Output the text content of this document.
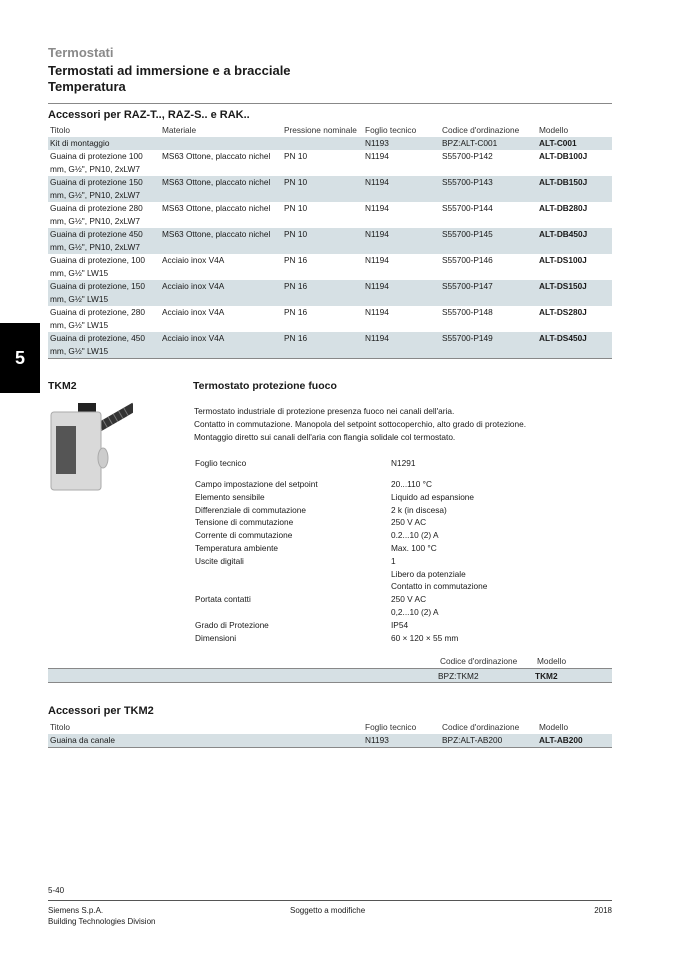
Termostati
Termostati ad immersione e a bracciale
Temperatura
Accessori per RAZ-T.., RAZ-S.. e RAK..
Titolo	Materiale	Pressione nominale	Foglio tecnico	Codice d'ordinazione	Modello
Kit di montaggio			N1193	BPZ:ALT-C001	ALT-C001
Guaina di protezione 100 mm, G½", PN10, 2xLW7	MS63 Ottone, placcato nichel	PN 10	N1194	S55700-P142	ALT-DB100J
Guaina di protezione 150 mm, G½", PN10, 2xLW7	MS63 Ottone, placcato nichel	PN 10	N1194	S55700-P143	ALT-DB150J
Guaina di protezione 280 mm, G½", PN10, 2xLW7	MS63 Ottone, placcato nichel	PN 10	N1194	S55700-P144	ALT-DB280J
Guaina di protezione 450 mm, G½", PN10, 2xLW7	MS63 Ottone, placcato nichel	PN 10	N1194	S55700-P145	ALT-DB450J
Guaina di protezione, 100 mm, G½" LW15	Acciaio inox V4A	PN 16	N1194	S55700-P146	ALT-DS100J
Guaina di protezione, 150 mm, G½" LW15	Acciaio inox V4A	PN 16	N1194	S55700-P147	ALT-DS150J
Guaina di protezione, 280 mm, G½" LW15	Acciaio inox V4A	PN 16	N1194	S55700-P148	ALT-DS280J
Guaina di protezione, 450 mm, G½" LW15	Acciaio inox V4A	PN 16	N1194	S55700-P149	ALT-DS450J
5
TKM2	Termostato protezione fuoco
Termostato industriale di protezione presenza fuoco nei canali dell'aria.
Contatto in commutazione. Manopola del setpoint sottocoperchio, alto grado di protezione.
Montaggio diretto sui canali dell'aria con flangia solidale col termostato.
Foglio tecnico	N1291
Campo impostazione del setpoint	20...110 °C
Elemento sensibile	Liquido ad espansione
Differenziale di commutazione	2 k (in discesa)
Tensione di commutazione	250 V AC
Corrente di commutazione	0.2...10 (2) A
Temperatura ambiente	Max. 100 °C
Uscite digitali	1
Libero da potenziale
Contatto in commutazione
Portata contatti	250 V AC
0,2...10 (2) A
Grado di Protezione	IP54
Dimensioni	60 × 120 × 55 mm
Codice d'ordinazione Modello
BPZ:TKM2	TKM2
Accessori per TKM2
Titolo	Foglio tecnico	Codice d'ordinazione	Modello
Guaina da canale	N1193	BPZ:ALT-AB200	ALT-AB200
5-40
Siemens S.p.A.
Building Technologies Division
Soggetto a modifiche	2018
